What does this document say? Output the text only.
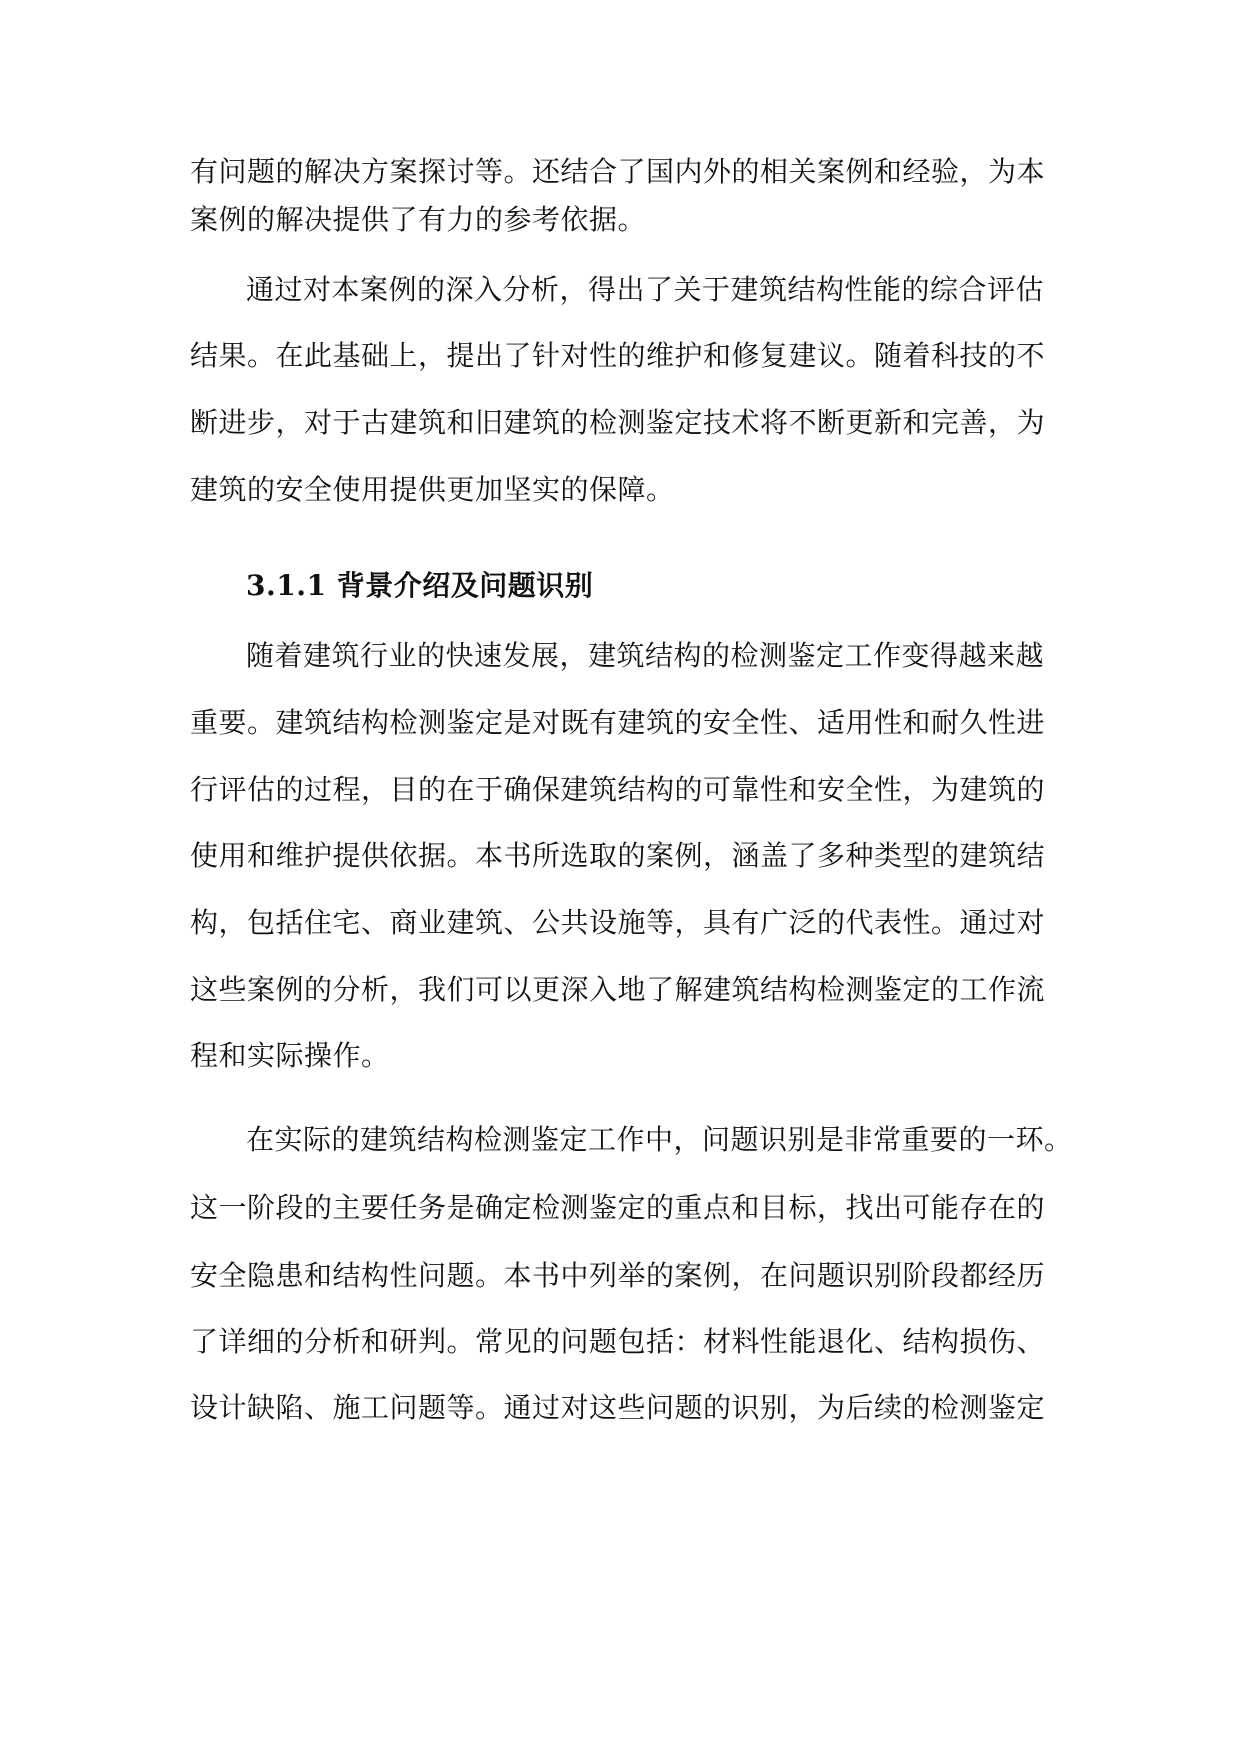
有问题的解决方案探讨等。还结合了国内外的相关案例和经验，为本
案例的解决提供了有力的参考依据。
通过对本案例的深入分析，得出了关于建筑结构性能的综合评估
结果。在此基础上，提出了针对性的维护和修复建议。随着科技的不
断进步，对于古建筑和旧建筑的检测鉴定技术将不断更新和完善，为
建筑的安全使用提供更加坚实的保障。
3.1.1 背景介绍及问题识别
随着建筑行业的快速发展，建筑结构的检测鉴定工作变得越来越
重要。建筑结构检测鉴定是对既有建筑的安全性、适用性和耐久性进
行评估的过程，目的在于确保建筑结构的可靠性和安全性，为建筑的
使用和维护提供依据。本书所选取的案例，涵盖了多种类型的建筑结
构，包括住宅、商业建筑、公共设施等，具有广泛的代表性。通过对
这些案例的分析，我们可以更深入地了解建筑结构检测鉴定的工作流
程和实际操作。
在实际的建筑结构检测鉴定工作中，问题识别是非常重要的一环。
这一阶段的主要任务是确定检测鉴定的重点和目标，找出可能存在的
安全隐患和结构性问题。本书中列举的案例，在问题识别阶段都经历
了详细的分析和研判。常见的问题包括：材料性能退化、结构损伤、
设计缺陷、施工问题等。通过对这些问题的识别，为后续的检测鉴定
